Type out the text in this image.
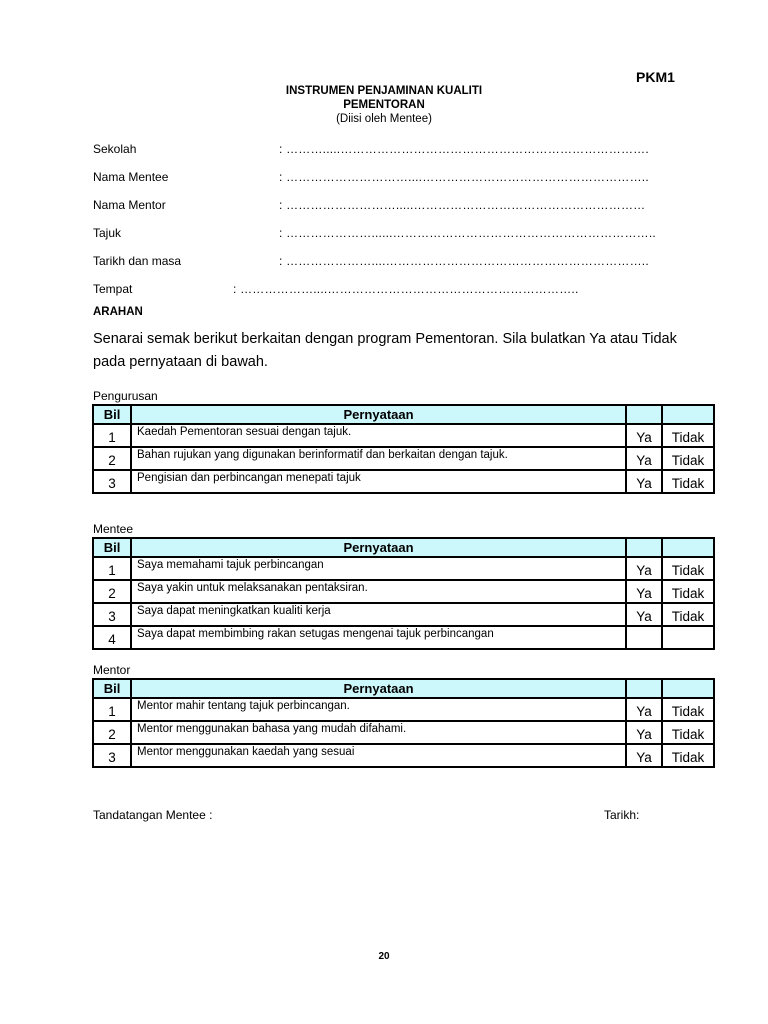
PKM1
INSTRUMEN PENJAMINAN KUALITI
PEMENTORAN
(Diisi oleh Mentee)
Sekolah	: ……….....………………………………………………………………….
Nama Mentee	: …………………………....………………………………………………..
Nama Mentor	: ……………………….....…………………………………………………
Tajuk	: …………………......………………………………………………………..
Tarikh dan masa	: …………………....………………………………………………………..
Tempat	: ………………....……………………………………………………..
ARAHAN
Senarai semak berikut berkaitan dengan program Pementoran. Sila bulatkan Ya atau Tidak pada pernyataan di bawah.
Pengurusan
Bil	Pernyataan		
1	Kaedah Pementoran sesuai dengan tajuk.	Ya	Tidak
2	Bahan rujukan yang digunakan berinformatif dan berkaitan dengan tajuk.	Ya	Tidak
3	Pengisian dan perbincangan menepati tajuk	Ya	Tidak
Mentee
Bil	Pernyataan		
1	Saya memahami tajuk perbincangan	Ya	Tidak
2	Saya yakin untuk melaksanakan pentaksiran.	Ya	Tidak
3	Saya dapat meningkatkan kualiti kerja	Ya	Tidak
4	Saya dapat membimbing rakan setugas mengenai tajuk perbincangan		
Mentor
Bil	Pernyataan		
1	Mentor mahir tentang tajuk perbincangan.	Ya	Tidak
2	Mentor menggunakan bahasa yang mudah difahami.	Ya	Tidak
3	Mentor menggunakan kaedah yang sesuai	Ya	Tidak
Tandatangan Mentee :	Tarikh:
20
